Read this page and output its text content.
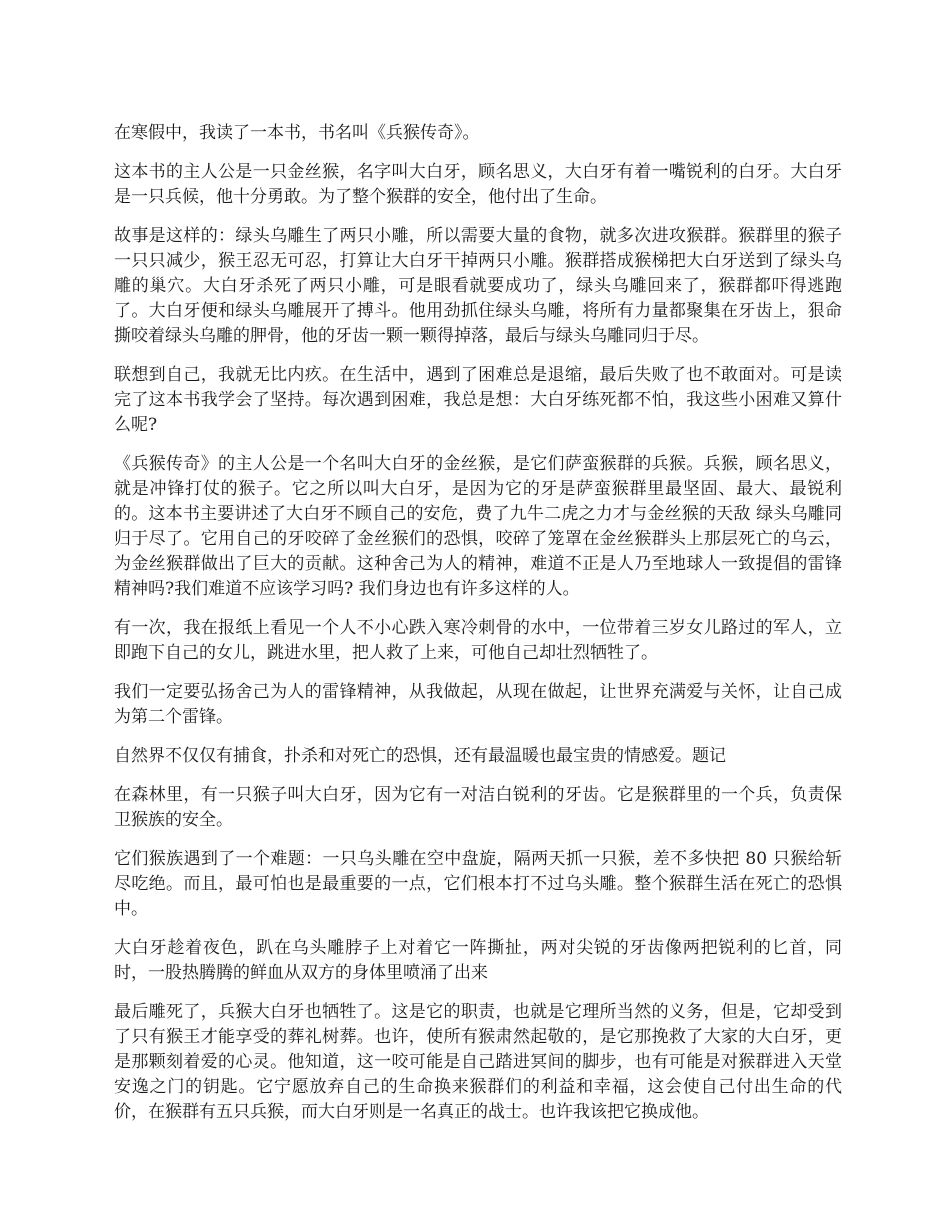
在寒假中，我读了一本书，书名叫《兵猴传奇》。

这本书的主人公是一只金丝猴，名字叫大白牙，顾名思义，大白牙有着一嘴锐利的白牙。大白牙是一只兵候，他十分勇敢。为了整个猴群的安全，他付出了生命。

故事是这样的：绿头乌雕生了两只小雕，所以需要大量的食物，就多次进攻猴群。猴群里的猴子一只只减少，猴王忍无可忍，打算让大白牙干掉两只小雕。猴群搭成猴梯把大白牙送到了绿头乌雕的巢穴。大白牙杀死了两只小雕，可是眼看就要成功了，绿头乌雕回来了，猴群都吓得逃跑了。大白牙便和绿头乌雕展开了搏斗。他用劲抓住绿头乌雕，将所有力量都聚集在牙齿上，狠命撕咬着绿头乌雕的胛骨，他的牙齿一颗一颗得掉落，最后与绿头乌雕同归于尽。

联想到自己，我就无比内疚。在生活中，遇到了困难总是退缩，最后失败了也不敢面对。可是读完了这本书我学会了坚持。每次遇到困难，我总是想：大白牙练死都不怕，我这些小困难又算什么呢?

《兵猴传奇》的主人公是一个名叫大白牙的金丝猴，是它们萨蛮猴群的兵猴。兵猴，顾名思义，就是冲锋打仗的猴子。它之所以叫大白牙，是因为它的牙是萨蛮猴群里最坚固、最大、最锐利的。这本书主要讲述了大白牙不顾自己的安危，费了九牛二虎之力才与金丝猴的天敌 绿头乌雕同归于尽了。它用自己的牙咬碎了金丝猴们的恐惧，咬碎了笼罩在金丝猴群头上那层死亡的乌云，为金丝猴群做出了巨大的贡献。这种舍己为人的精神，难道不正是人乃至地球人一致提倡的雷锋精神吗?我们难道不应该学习吗? 我们身边也有许多这样的人。

有一次，我在报纸上看见一个人不小心跌入寒冷刺骨的水中，一位带着三岁女儿路过的军人，立即跑下自己的女儿，跳进水里，把人救了上来，可他自己却壮烈牺牲了。

我们一定要弘扬舍己为人的雷锋精神，从我做起，从现在做起，让世界充满爱与关怀，让自己成为第二个雷锋。

自然界不仅仅有捕食，扑杀和对死亡的恐惧，还有最温暖也最宝贵的情感爱。题记

在森林里，有一只猴子叫大白牙，因为它有一对洁白锐利的牙齿。它是猴群里的一个兵，负责保卫猴族的安全。

它们猴族遇到了一个难题：一只乌头雕在空中盘旋，隔两天抓一只猴，差不多快把 80 只猴给斩尽吃绝。而且，最可怕也是最重要的一点，它们根本打不过乌头雕。整个猴群生活在死亡的恐惧中。

大白牙趁着夜色，趴在乌头雕脖子上对着它一阵撕扯，两对尖锐的牙齿像两把锐利的匕首，同时，一股热腾腾的鲜血从双方的身体里喷涌了出来

最后雕死了，兵猴大白牙也牺牲了。这是它的职责，也就是它理所当然的义务，但是，它却受到了只有猴王才能享受的葬礼树葬。也许，使所有猴肃然起敬的，是它那挽救了大家的大白牙，更是那颗刻着爱的心灵。他知道，这一咬可能是自己踏进冥间的脚步，也有可能是对猴群进入天堂安逸之门的钥匙。它宁愿放弃自己的生命换来猴群们的利益和幸福，这会使自己付出生命的代价，在猴群有五只兵猴，而大白牙则是一名真正的战士。也许我该把它换成他。
